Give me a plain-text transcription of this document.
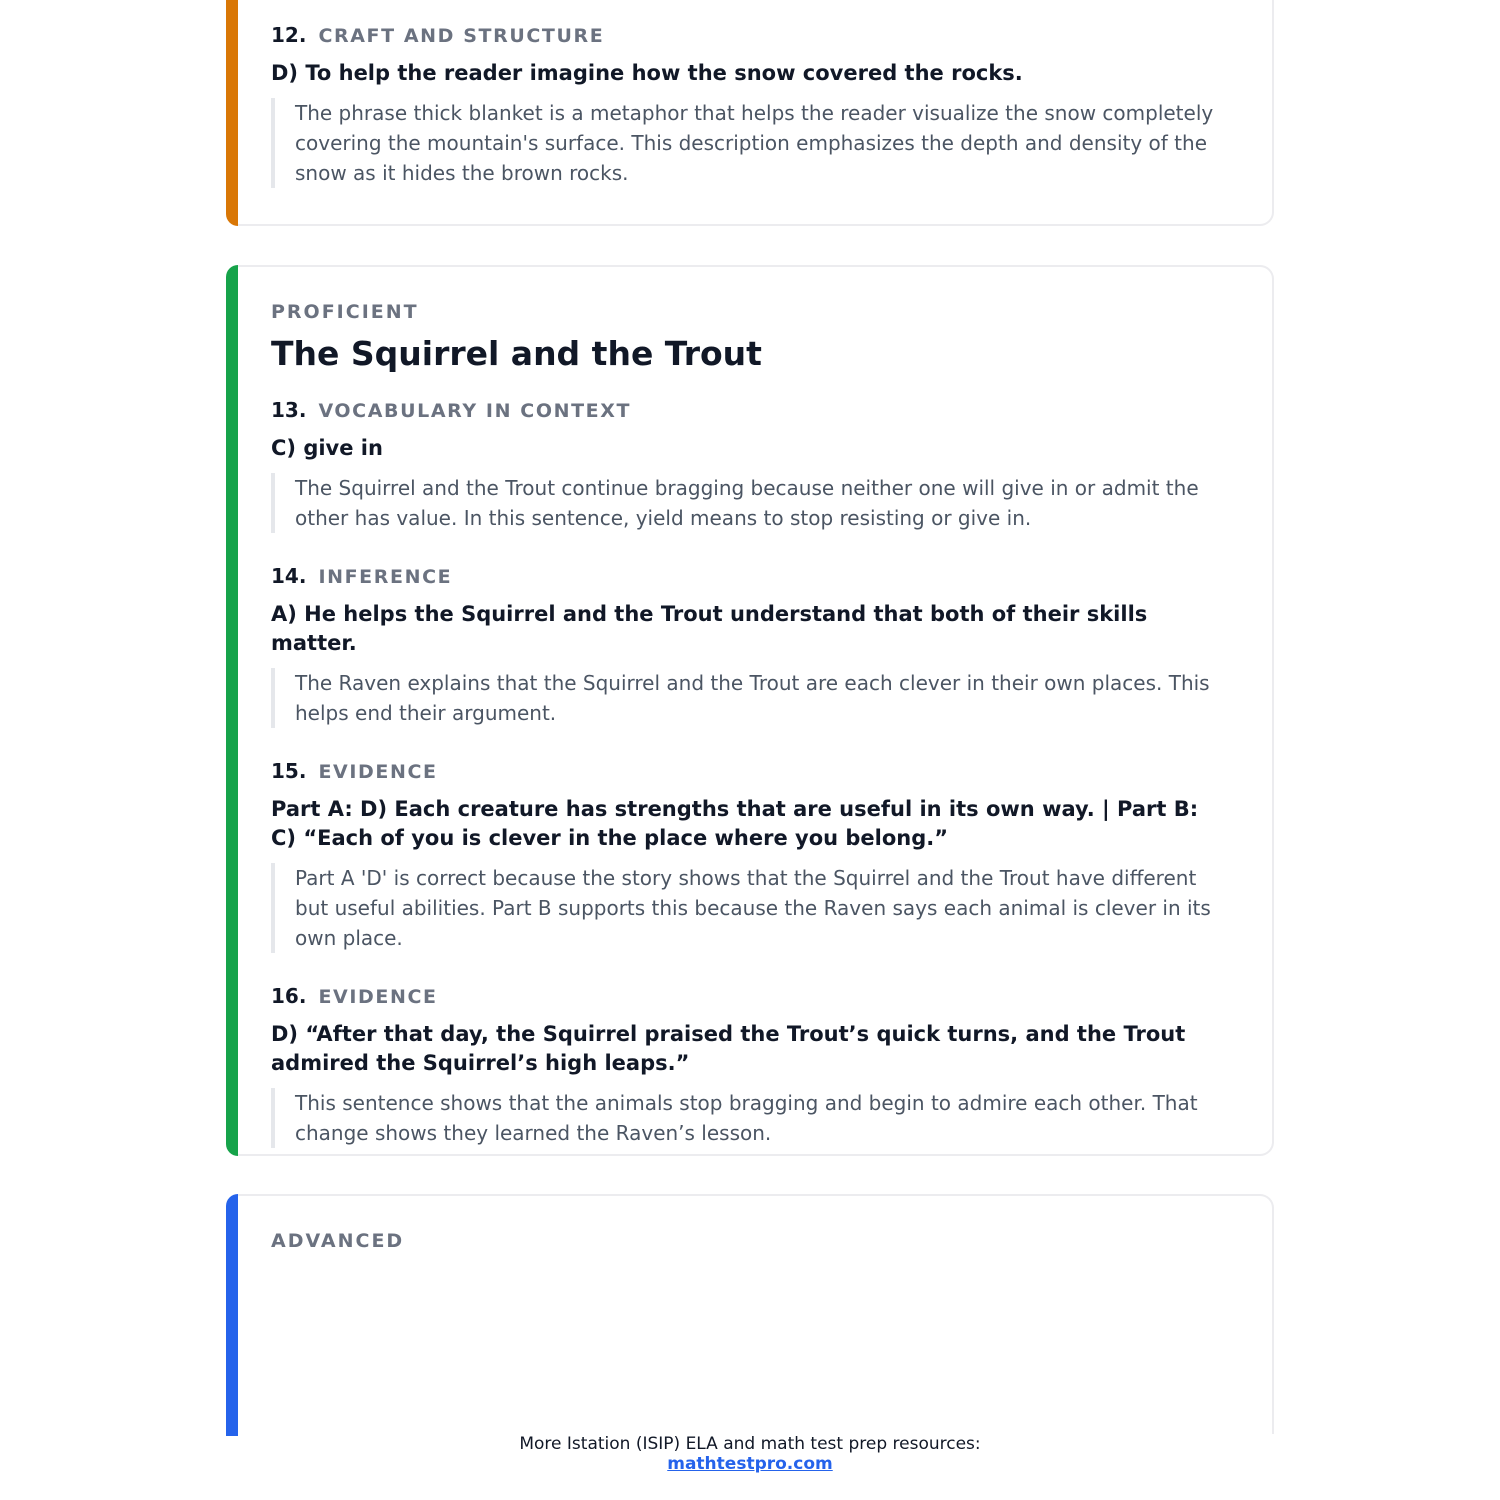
12. CRAFT AND STRUCTURE
D) To help the reader imagine how the snow covered the rocks.
The phrase thick blanket is a metaphor that helps the reader visualize the snow completely covering the mountain's surface. This description emphasizes the depth and density of the snow as it hides the brown rocks.
PROFICIENT
The Squirrel and the Trout
13. VOCABULARY IN CONTEXT
C) give in
The Squirrel and the Trout continue bragging because neither one will give in or admit the other has value. In this sentence, yield means to stop resisting or give in.
14. INFERENCE
A) He helps the Squirrel and the Trout understand that both of their skills matter.
The Raven explains that the Squirrel and the Trout are each clever in their own places. This helps end their argument.
15. EVIDENCE
Part A: D) Each creature has strengths that are useful in its own way. | Part B: C) “Each of you is clever in the place where you belong.”
Part A 'D' is correct because the story shows that the Squirrel and the Trout have different but useful abilities. Part B supports this because the Raven says each animal is clever in its own place.
16. EVIDENCE
D) “After that day, the Squirrel praised the Trout’s quick turns, and the Trout admired the Squirrel’s high leaps.”
This sentence shows that the animals stop bragging and begin to admire each other. That change shows they learned the Raven’s lesson.
ADVANCED
More Istation (ISIP) ELA and math test prep resources:
mathtestpro.com
